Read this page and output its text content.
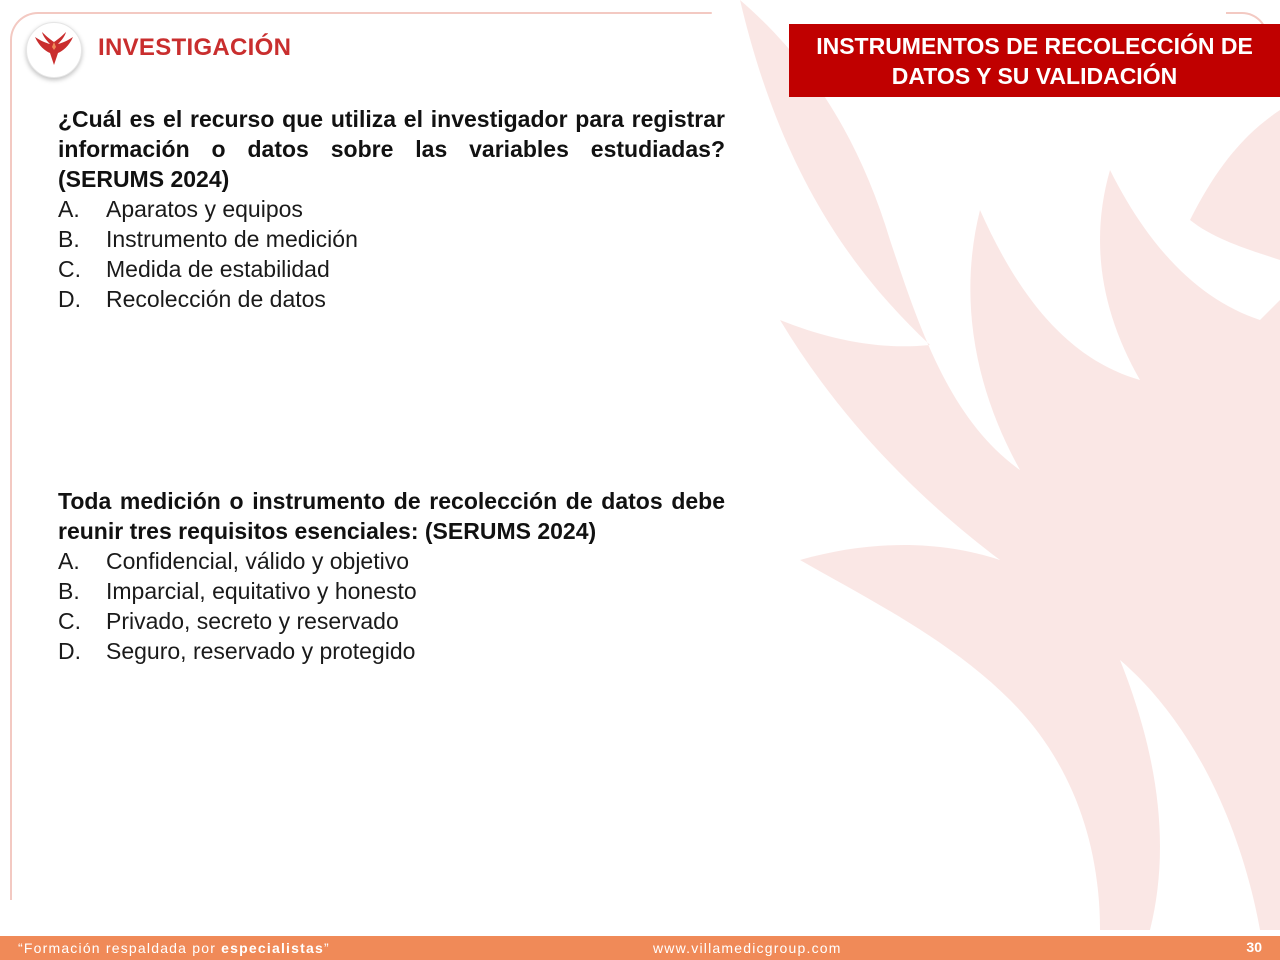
INVESTIGACIÓN	INSTRUMENTOS DE RECOLECCIÓN DE
DATOS Y SU VALIDACIÓN

¿Cuál es el recurso que utiliza el investigador para registrar información o datos sobre las variables estudiadas? (SERUMS 2024)

A.	Aparatos y equipos
B.	Instrumento de medición
C.	Medida de estabilidad
D.	Recolección de datos

Toda medición o instrumento de recolección de datos debe reunir tres requisitos esenciales: (SERUMS 2024)

A.	Confidencial, válido y objetivo
B.	Imparcial, equitativo y honesto
C.	Privado, secreto y reservado
D.	Seguro, reservado y protegido
“Formación respaldada por especialistas”	www.villamedicgroup.com	30
